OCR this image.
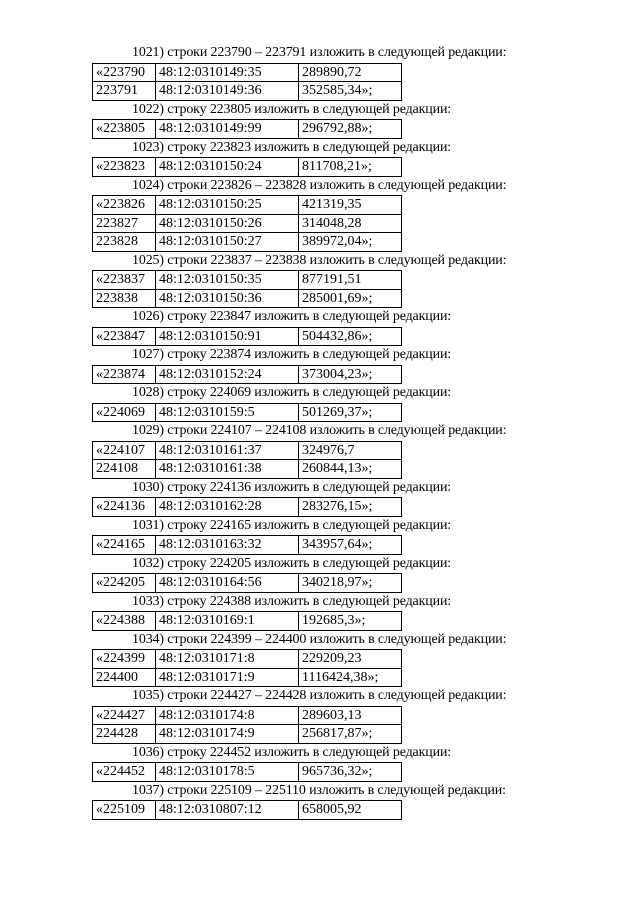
1021) строки 223790 – 223791 изложить в следующей редакции:
«223790	48:12:0310149:35	289890,72
223791	48:12:0310149:36	352585,34»;
1022) строку 223805 изложить в следующей редакции:
«223805	48:12:0310149:99	296792,88»;
1023) строку 223823 изложить в следующей редакции:
«223823	48:12:0310150:24	811708,21»;
1024) строки 223826 – 223828 изложить в следующей редакции:
«223826	48:12:0310150:25	421319,35
223827	48:12:0310150:26	314048,28
223828	48:12:0310150:27	389972,04»;
1025) строки 223837 – 223838 изложить в следующей редакции:
«223837	48:12:0310150:35	877191,51
223838	48:12:0310150:36	285001,69»;
1026) строку 223847 изложить в следующей редакции:
«223847	48:12:0310150:91	504432,86»;
1027) строку 223874 изложить в следующей редакции:
«223874	48:12:0310152:24	373004,23»;
1028) строку 224069 изложить в следующей редакции:
«224069	48:12:0310159:5	501269,37»;
1029) строки 224107 – 224108 изложить в следующей редакции:
«224107	48:12:0310161:37	324976,7
224108	48:12:0310161:38	260844,13»;
1030) строку 224136 изложить в следующей редакции:
«224136	48:12:0310162:28	283276,15»;
1031) строку 224165 изложить в следующей редакции:
«224165	48:12:0310163:32	343957,64»;
1032) строку 224205 изложить в следующей редакции:
«224205	48:12:0310164:56	340218,97»;
1033) строку 224388 изложить в следующей редакции:
«224388	48:12:0310169:1	192685,3»;
1034) строки 224399 – 224400 изложить в следующей редакции:
«224399	48:12:0310171:8	229209,23
224400	48:12:0310171:9	1116424,38»;
1035) строки 224427 – 224428 изложить в следующей редакции:
«224427	48:12:0310174:8	289603,13
224428	48:12:0310174:9	256817,87»;
1036) строку 224452 изложить в следующей редакции:
«224452	48:12:0310178:5	965736,32»;
1037) строки 225109 – 225110 изложить в следующей редакции:
«225109	48:12:0310807:12	658005,92
